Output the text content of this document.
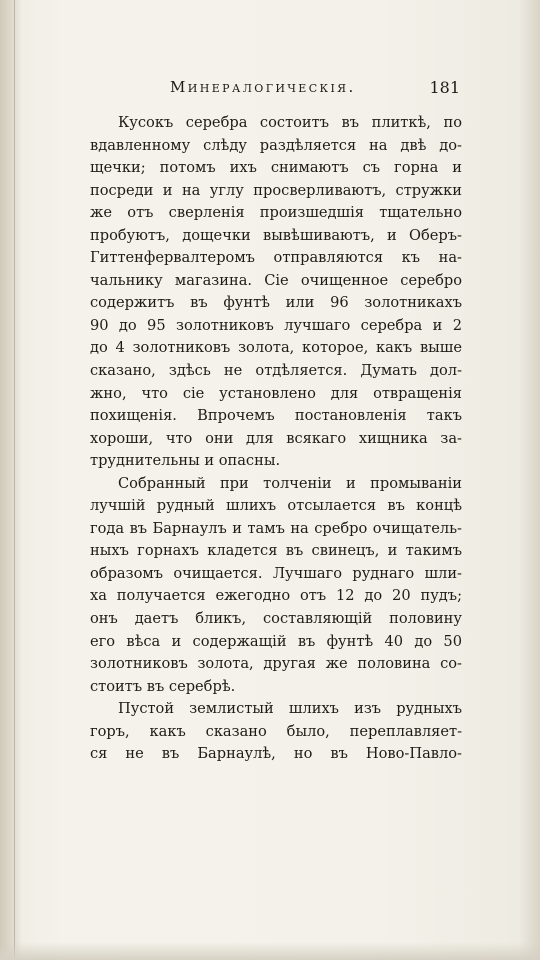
Минералогическія.	181
Кусокъ серебра состоитъ въ плиткѣ, по
вдавленному слѣду раздѣляется на двѣ до-
щечки; потомъ ихъ снимаютъ съ горна и
посреди и на углу просверливаютъ, стружки
же отъ сверленія произшедшія тщательно
пробуютъ, дощечки вывѣшиваютъ, и Оберъ-
Гиттенфервалтеромъ отправляются къ на-
чальнику магазина. Сіе очищенное серебро
содержитъ въ фунтѣ или 96 золотникахъ
90 до 95 золотниковъ лучшаго серебра и 2
до 4 золотниковъ золота, которое, какъ выше
сказано, здѣсь не отдѣляется. Думать дол-
жно, что сіе установлено для отвращенія
похищенія. Впрочемъ постановленія такъ
хороши, что они для всякаго хищника за-
труднительны и опасны.
Собранный при толченіи и промываніи
лучшій рудный шлихъ отсылается въ концѣ
года въ Барнаулъ и тамъ на сребро очищатель-
ныхъ горнахъ кладется въ свинецъ, и такимъ
образомъ очищается. Лучшаго руднаго шли-
ха получается ежегодно отъ 12 до 20 пудъ;
онъ даетъ бликъ, составляющій половину
его вѣса и содержащій въ фунтѣ 40 до 50
золотниковъ золота, другая же половина со-
стоитъ въ серебрѣ.
Пустой землистый шлихъ изъ рудныхъ
горъ, какъ сказано было, переплавляет-
ся не въ Барнаулѣ, но въ Ново-Павло-
